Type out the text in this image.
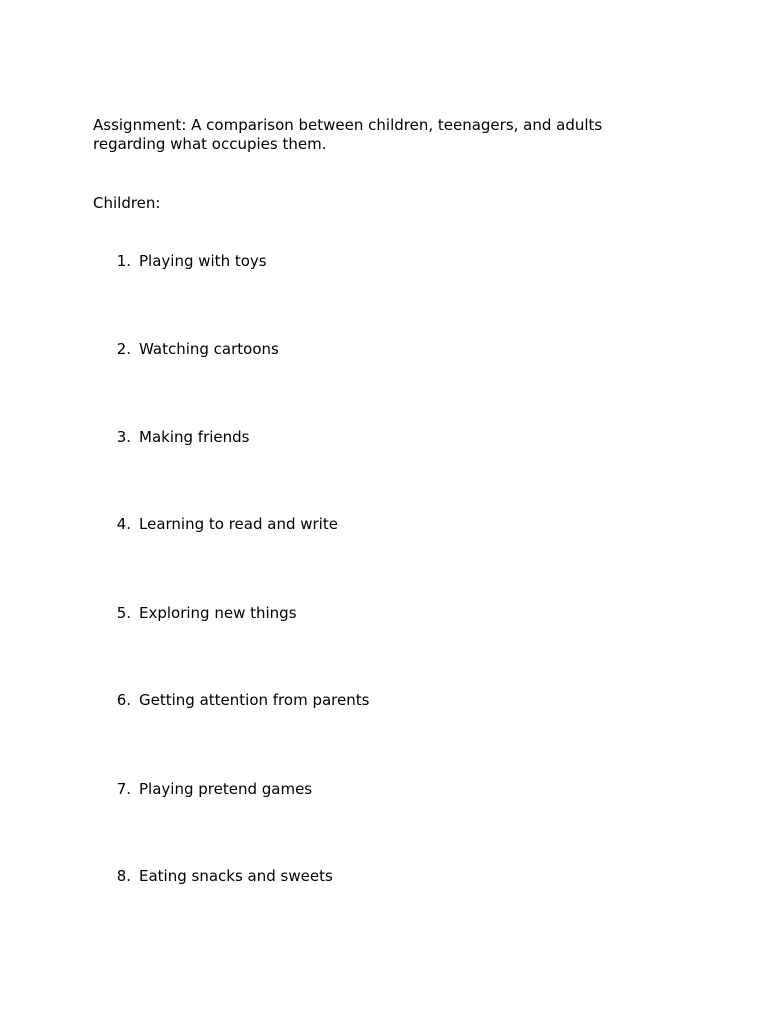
Assignment: A comparison between children, teenagers, and adults regarding what occupies them.

Children:

1. Playing with toys
2. Watching cartoons
3. Making friends
4. Learning to read and write
5. Exploring new things
6. Getting attention from parents
7. Playing pretend games
8. Eating snacks and sweets
